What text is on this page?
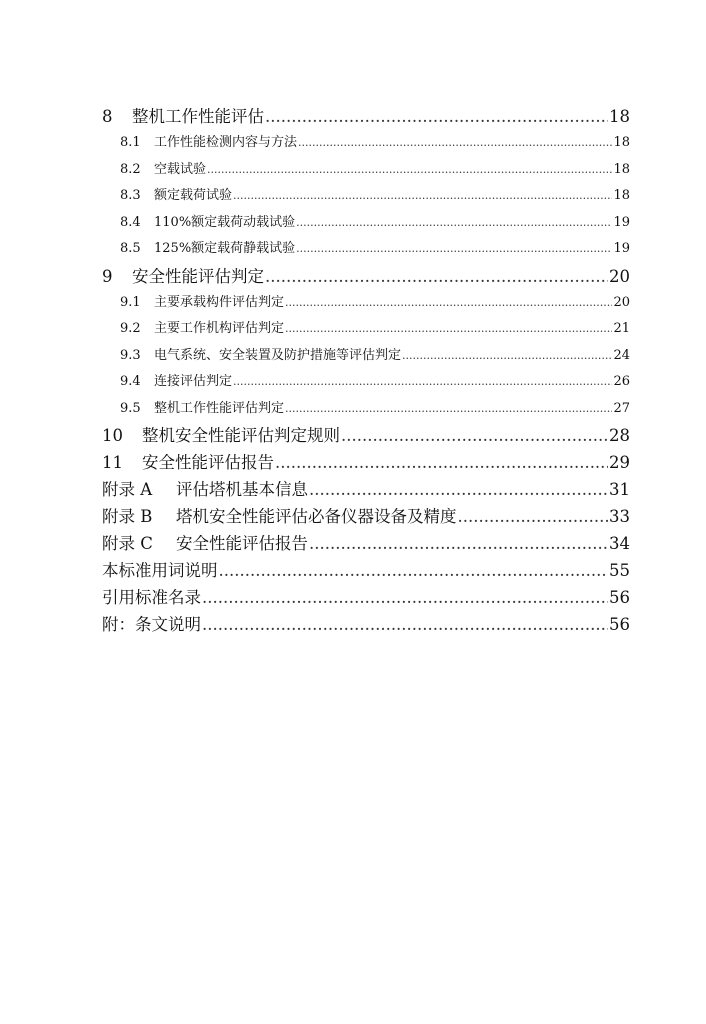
8	整机工作性能评估 .....	18
8.1	工作性能检测内容与方法 .....	18
8.2	空载试验 .....	18
8.3	额定载荷试验 .....	18
8.4	110%额定载荷动载试验 .....	19
8.5	125%额定载荷静载试验 .....	19
9	安全性能评估判定 .....	20
9.1	主要承载构件评估判定 .....	20
9.2	主要工作机构评估判定 .....	21
9.3	电气系统、安全装置及防护措施等评估判定 .....	24
9.4	连接评估判定 .....	26
9.5	整机工作性能评估判定 .....	27
10	整机安全性能评估判定规则 .....	28
11	安全性能评估报告 .....	29
附录 A	评估塔机基本信息 .....	31
附录 B	塔机安全性能评估必备仪器设备及精度 .....	33
附录 C	安全性能评估报告 .....	34
本标准用词说明 .....	55
引用标准名录 .....	56
附：条文说明 .....	56
